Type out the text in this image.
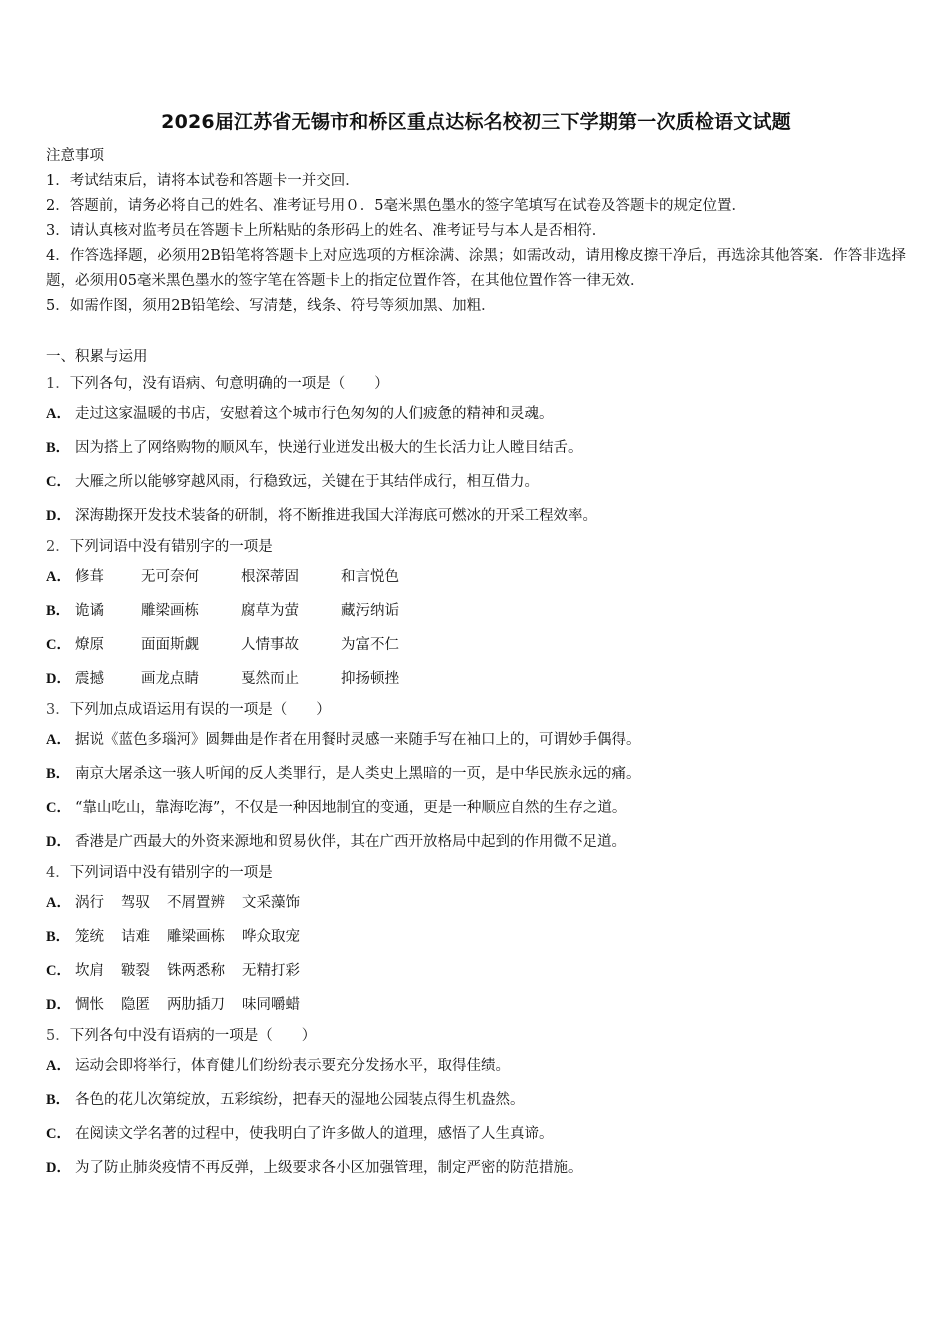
2026届江苏省无锡市和桥区重点达标名校初三下学期第一次质检语文试题
注意事项
1．考试结束后，请将本试卷和答题卡一并交回．
2．答题前，请务必将自己的姓名、准考证号用０．5毫米黑色墨水的签字笔填写在试卷及答题卡的规定位置．
3．请认真核对监考员在答题卡上所粘贴的条形码上的姓名、准考证号与本人是否相符．
4．作答选择题，必须用2B铅笔将答题卡上对应选项的方框涂满、涂黑；如需改动，请用橡皮擦干净后，再选涂其他答案．作答非选择题，必须用05毫米黑色墨水的签字笔在答题卡上的指定位置作答，在其他位置作答一律无效．
5．如需作图，须用2B铅笔绘、写清楚，线条、符号等须加黑、加粗．
一、积累与运用
1．下列各句，没有语病、句意明确的一项是（　　）
A． 走过这家温暖的书店，安慰着这个城市行色匆匆的人们疲惫的精神和灵魂。
B． 因为搭上了网络购物的顺风车，快递行业迸发出极大的生长活力让人瞠目结舌。
C． 大雁之所以能够穿越风雨，行稳致远，关键在于其结伴成行，相互借力。
D． 深海勘探开发技术装备的研制，将不断推进我国大洋海底可燃冰的开采工程效率。
2．下列词语中没有错别字的一项是
A． 修葺	无可奈何	根深蒂固	和言悦色
B． 诡谲	雕梁画栋	腐草为萤	藏污纳诟
C． 燎原	面面斯觑	人情事故	为富不仁
D． 震撼	画龙点睛	戛然而止	抑扬顿挫
3．下列加点成语运用有误的一项是（　　）
A． 据说《蓝色多瑙河》圆舞曲是作者在用餐时灵感一来随手写在袖口上的，可谓妙手偶得。
B． 南京大屠杀这一骇人听闻的反人类罪行，是人类史上黑暗的一页，是中华民族永远的痛。
C． “靠山吃山，靠海吃海”，不仅是一种因地制宜的变通，更是一种顺应自然的生存之道。
D． 香港是广西最大的外资来源地和贸易伙伴，其在广西开放格局中起到的作用微不足道。
4．下列词语中没有错别字的一项是
A． 涡行 驾驭 不屑置辨 文采藻饰
B． 笼统 诘难 雕梁画栋 哗众取宠
C． 坎肩 皲裂 铢两悉称 无精打彩
D． 惆怅 隐匿 两肋插刀 味同嚼蜡
5．下列各句中没有语病的一项是（　　）
A． 运动会即将举行，体育健儿们纷纷表示要充分发扬水平，取得佳绩。
B． 各色的花儿次第绽放，五彩缤纷，把春天的湿地公园装点得生机盎然。
C． 在阅读文学名著的过程中，使我明白了许多做人的道理，感悟了人生真谛。
D． 为了防止肺炎疫情不再反弹，上级要求各小区加强管理，制定严密的防范措施。
